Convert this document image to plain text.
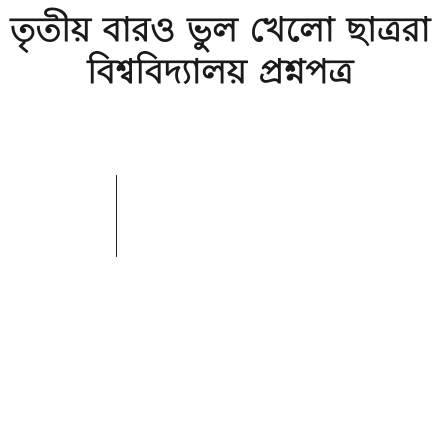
তৃতীয় বারও ভুল খেলো ছাত্ররা
বিশ্ববিদ্যালয় প্রশ্নপত্র
